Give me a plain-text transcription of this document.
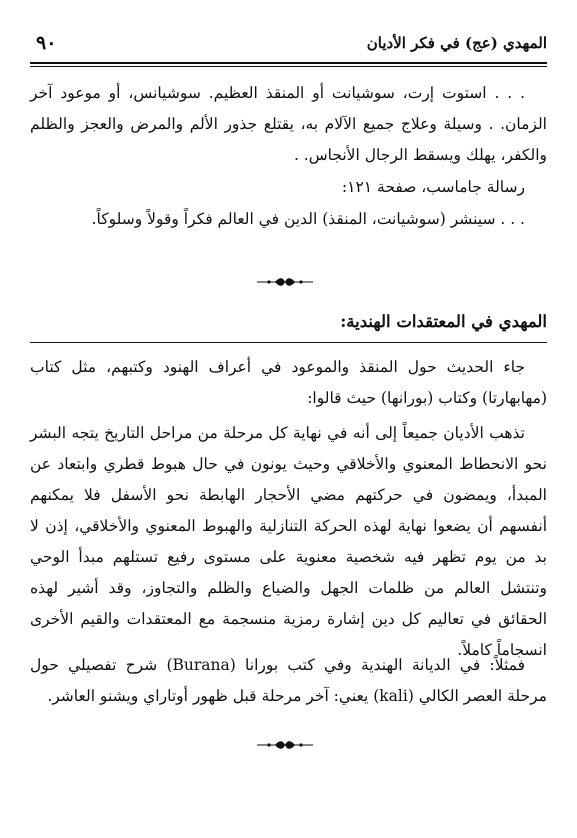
المهدي (عج) في فكر الأديان
٩٠
. . . استوت إرت، سوشيانت أو المنقذ العظيم. سوشيانس، أو موعود آخر الزمان. . وسيلة وعلاج جميع الآلام به، يقتلع جذور الألم والمرض والعجز والظلم والكفر، يهلك ويسقط الرجال الأنجاس. .
رسالة جاماسب، صفحة ١٢١:
. . . سينشر (سوشيانت، المنقذ) الدين في العالم فكراً وقولاً وسلوكاً.
المهدي في المعتقدات الهندية:
جاء الحديث حول المنقذ والموعود في أعراف الهنود وكتبهم، مثل كتاب (مهابهارتا) وكتاب (بورانها) حيث قالوا:
تذهب الأديان جميعاً إلى أنه في نهاية كل مرحلة من مراحل التاريخ يتجه البشر نحو الانحطاط المعنوي والأخلاقي وحيث يونون في حال هبوط قطري وابتعاد عن المبدأ، ويمضون في حركتهم مضي الأحجار الهابطة نحو الأسفل فلا يمكنهم أنفسهم أن يضعوا نهاية لهذه الحركة التنازلية والهبوط المعنوي والأخلاقي، إذن لا بد من يوم تظهر فيه شخصية معنوية على مستوى رفيع تستلهم مبدأ الوحي وتنتشل العالم من ظلمات الجهل والضياع والظلم والتجاوز، وقد أشير لهذه الحقائق في تعاليم كل دين إشارة رمزية منسجمة مع المعتقدات والقيم الأخرى انسجاماً كاملاً.
فمثلاً: في الديانة الهندية وفي كتب بورانا (Burana) شرح تفصيلي حول مرحلة العصر الكالي (kali) يعني: آخر مرحلة قبل ظهور أوتاراي ويشنو العاشر.
